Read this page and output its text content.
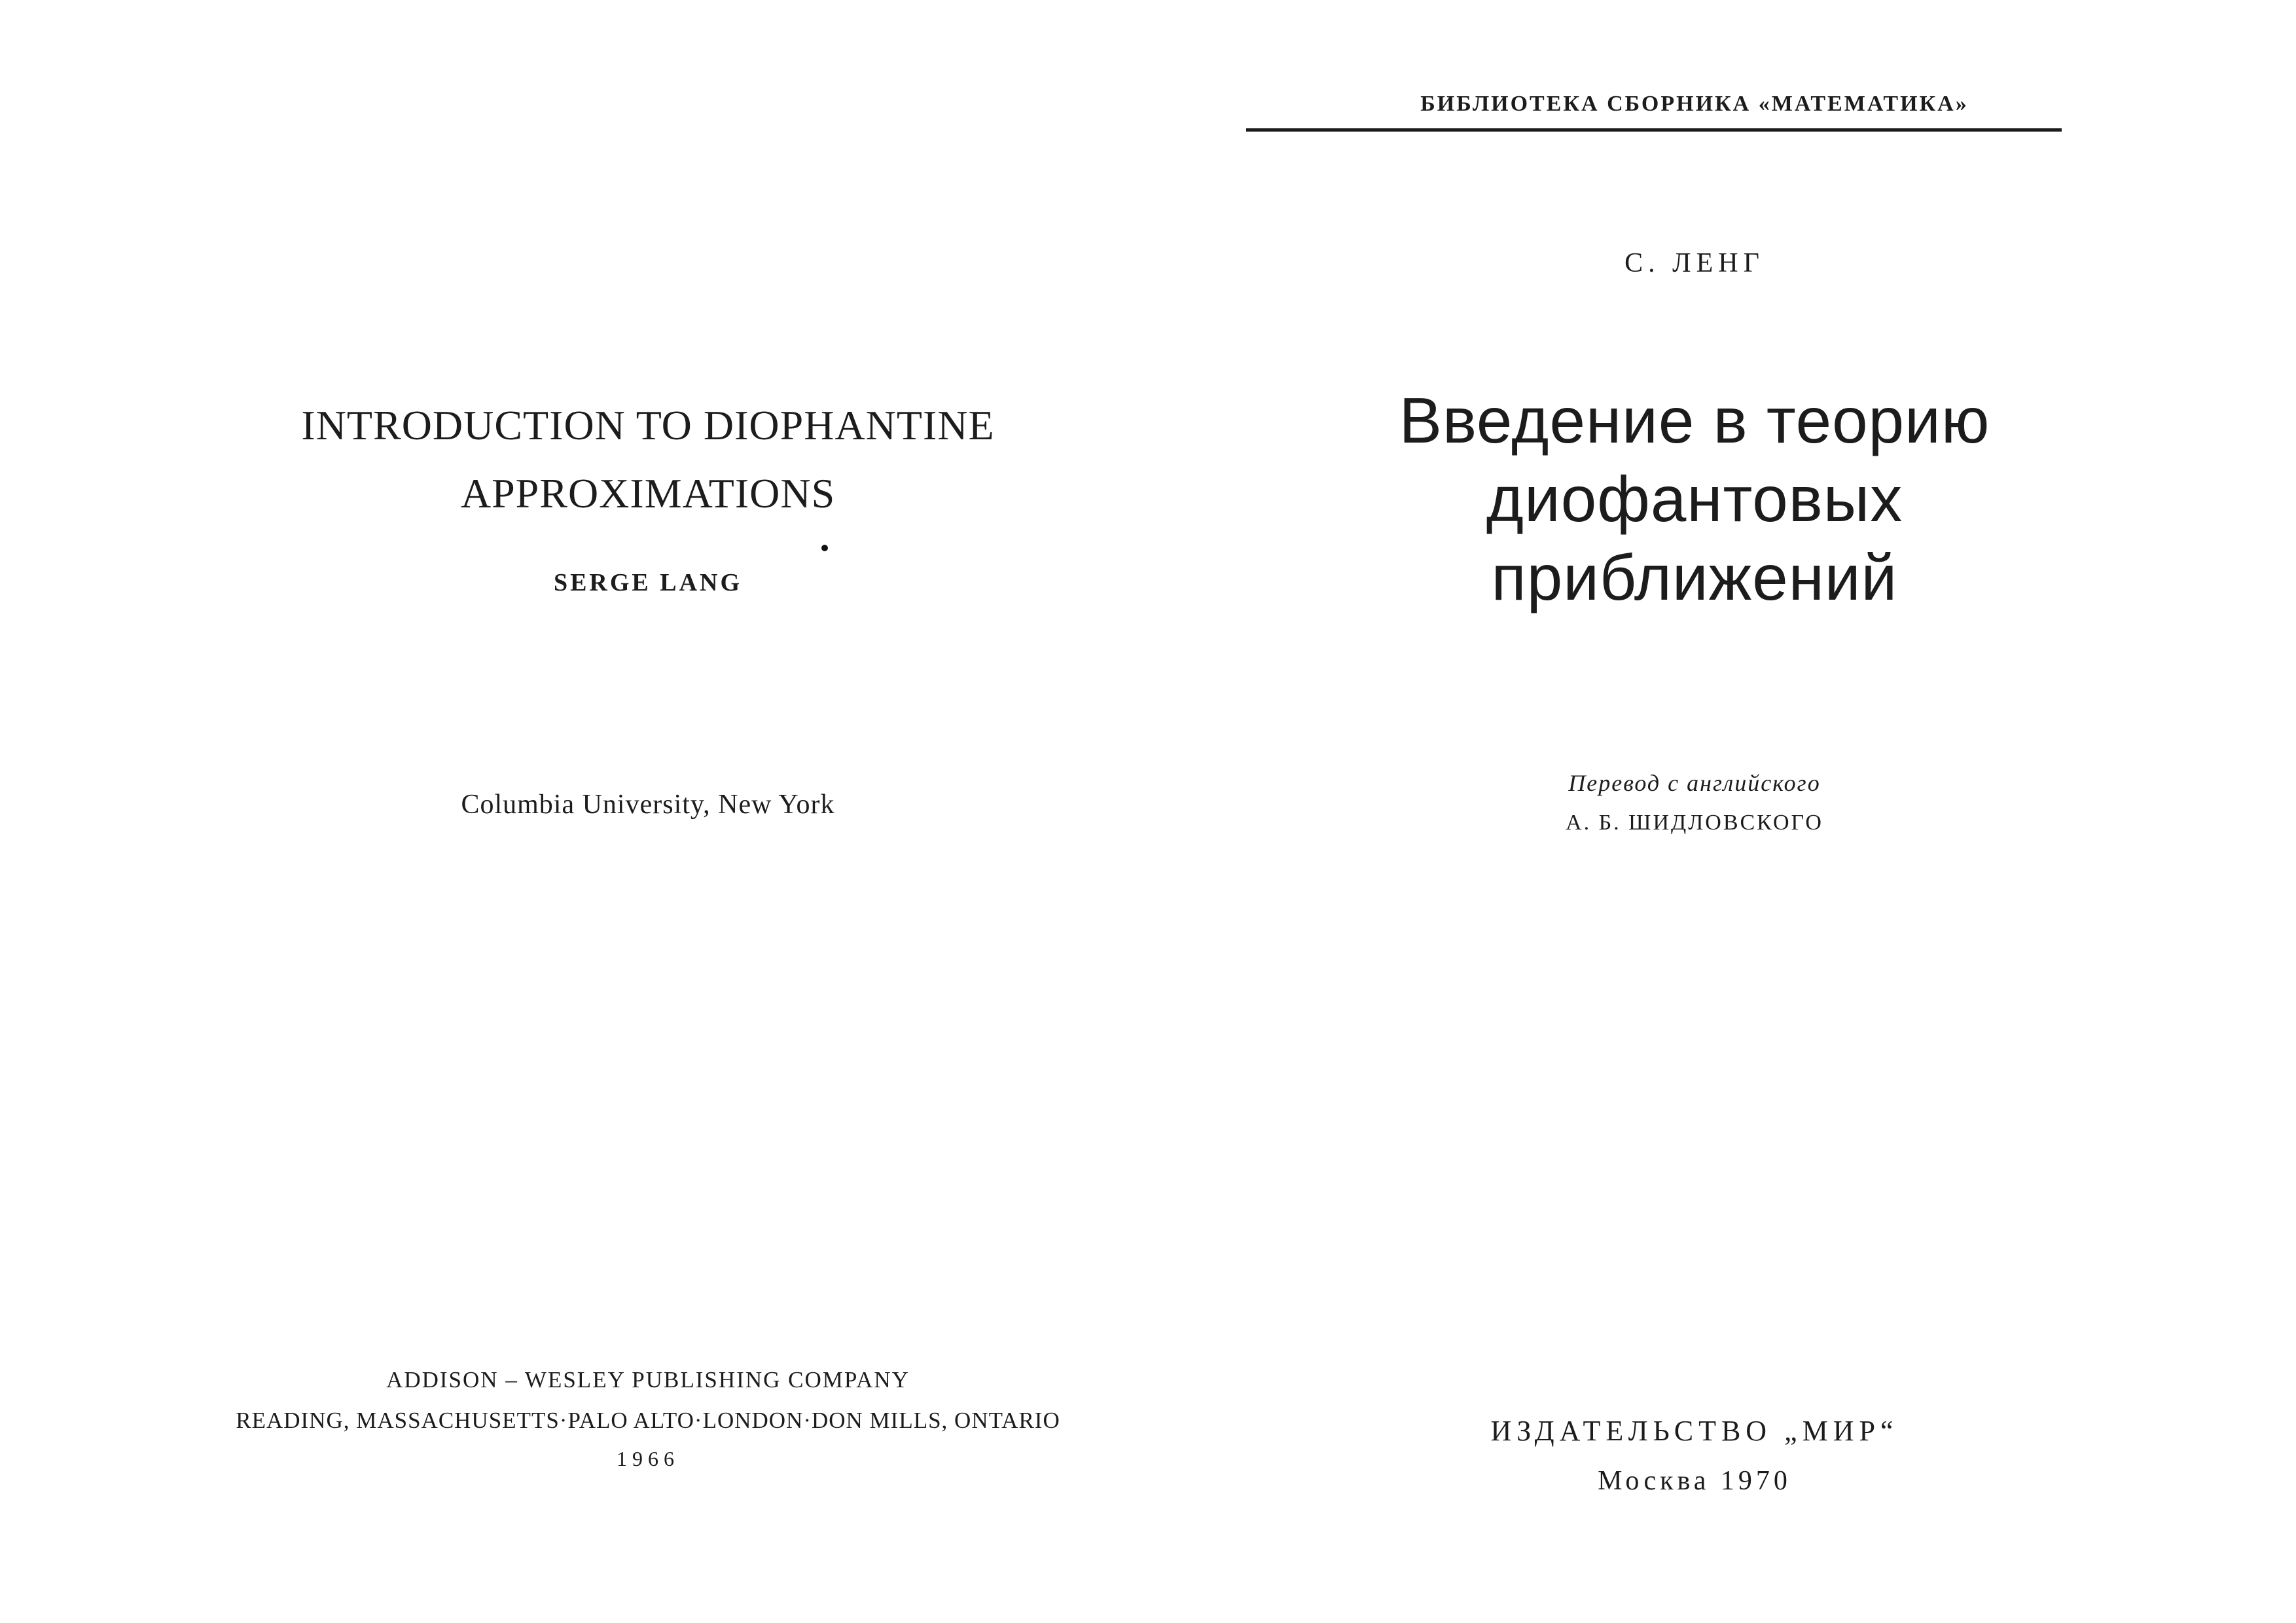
INTRODUCTION TO DIOPHANTINE
APPROXIMATIONS
SERGE LANG
Columbia University, New York
ADDISON – WESLEY PUBLISHING COMPANY
READING, MASSACHUSETTS·PALO ALTO·LONDON·DON MILLS, ONTARIO
1966
БИБЛИОТЕКА СБОРНИКА «МАТЕМАТИКА»
С. ЛЕНГ
Введение в теорию
диофантовых
приближений
Перевод с английского
А. Б. ШИДЛОВСКОГО
ИЗДАТЕЛЬСТВО „МИР“
Москва 1970
